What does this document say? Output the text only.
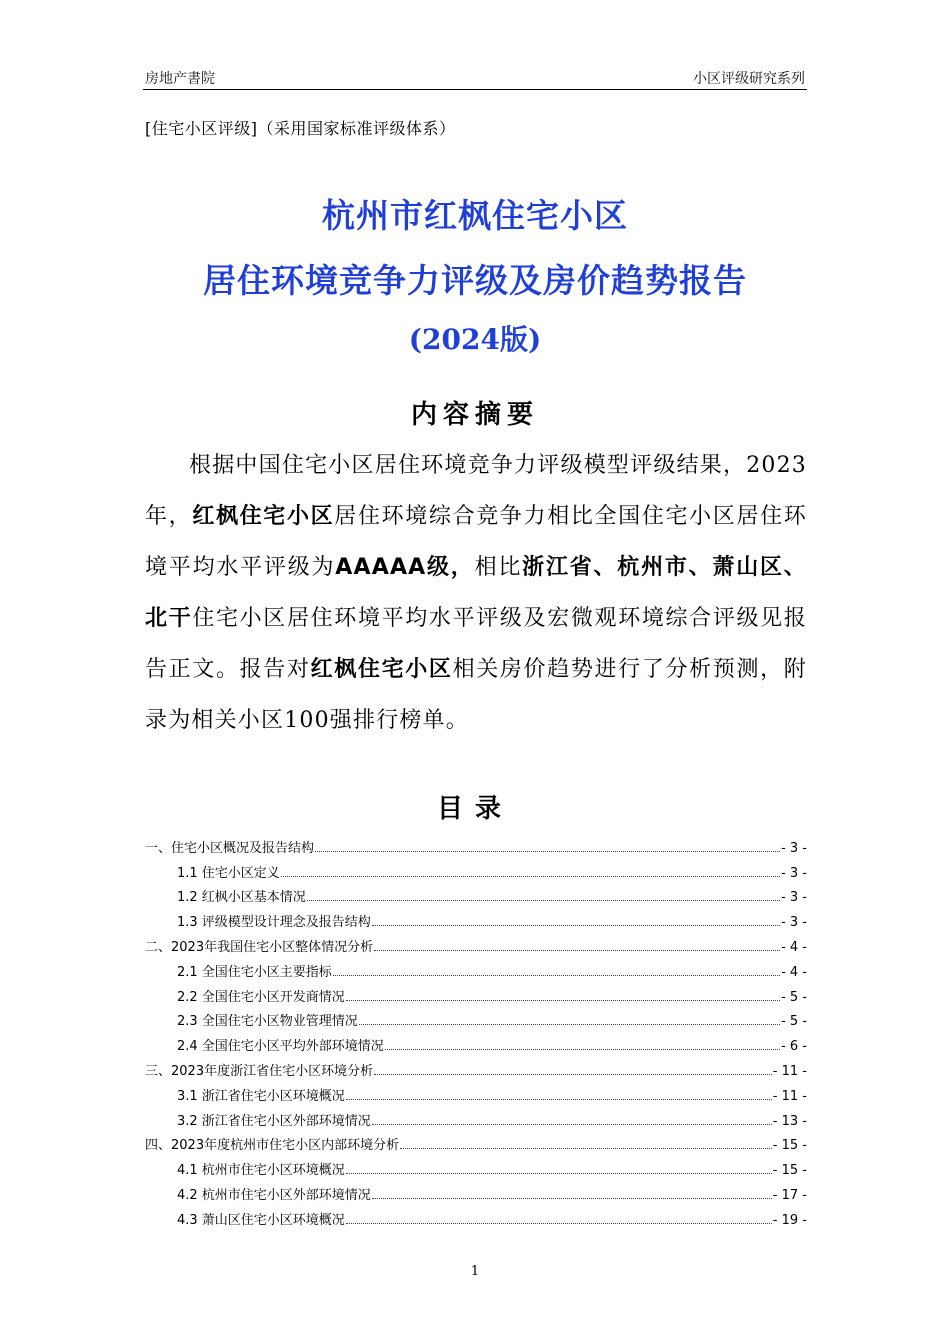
房地产書院	小区评级研究系列
[住宅小区评级]（采用国家标准评级体系）
杭州市红枫住宅小区
居住环境竞争力评级及房价趋势报告
(2024版)
内容摘要
根据中国住宅小区居住环境竞争力评级模型评级结果，2023年，红枫住宅小区居住环境综合竞争力相比全国住宅小区居住环境平均水平评级为AAAAA级，相比浙江省、杭州市、萧山区、北干住宅小区居住环境平均水平评级及宏微观环境综合评级见报告正文。报告对红枫住宅小区相关房价趋势进行了分析预测，附录为相关小区100强排行榜单。
目录
一、住宅小区概况及报告结构	- 3 -
1.1 住宅小区定义	- 3 -
1.2 红枫小区基本情况	- 3 -
1.3 评级模型设计理念及报告结构	- 3 -
二、2023年我国住宅小区整体情况分析	- 4 -
2.1 全国住宅小区主要指标	- 4 -
2.2 全国住宅小区开发商情况	- 5 -
2.3 全国住宅小区物业管理情况	- 5 -
2.4 全国住宅小区平均外部环境情况	- 6 -
三、2023年度浙江省住宅小区环境分析	- 11 -
3.1 浙江省住宅小区环境概况	- 11 -
3.2 浙江省住宅小区外部环境情况	- 13 -
四、2023年度杭州市住宅小区内部环境分析	- 15 -
4.1 杭州市住宅小区环境概况	- 15 -
4.2 杭州市住宅小区外部环境情况	- 17 -
4.3 萧山区住宅小区环境概况	- 19 -
1
